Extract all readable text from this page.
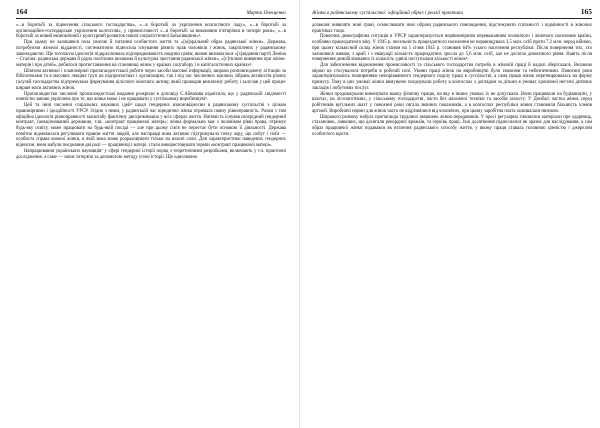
164	Марта Онещенко

«...в боротьбі за піднесення сільського господарства», «...в боротьбі за укріплення колгоспного ладу», «...в боротьбі за організаційно-господарське укріплення колгоспів», у промисловості «...в боротьбі за виконання п'ятирічки в чотири роки», «...в боротьбі за новий економічний і культурний розвиток нашої соціалістичної Батьківщини»².

При цьому не залишився поза увагою й питання особистого життя та «[м]оральний образ радянської жінки». Держава, потребуючи жіночої відданості, систематично підносила існування рівних прав чоловіків і жінок, закріплених у радянському законодавстві. Ще тогочасна ідеологія підкреслювала підпорядкованість людини цілям, якими визначалося «[з]авдання партії Леніна – Сталіна: радянська держава й рідна політична вихована й культурна зростання радянської жінки», «[с]тильне вивчення при жінок-матерів і про дітей», робилося протиставлення на становищі жінок у країнах соцтабору і в капіталістичних країнах⁴.

Шляхом активної і планомірної пропагандистської роботи через засоби масової інформації, широко розповсюджену агітацію за бібліотеками та в масових лекціях груп на підприємствах і організаціях, так і під час численних масових зібрань активістів різних галузей господарства підтримувала формування цілісного жіночого активу, який проводив величезну роботу і залучав у цей процес ширше маси активних жінок.

Пропагандистки численні пропагандистські видання розкрили в доповіді С.Айвазова відмітила, що у радянській свідомості повністю заново укріплена про те, що жінка може і не працювати у суспільному виробництві⁵.

Цей та інші численні соціальних наукових ідей⁶ щодо гендерних взаємовідносин в радянському суспільстві з цілком правомірними і ідеадійності УРСР. Згідно з ними, у радянській час юридично жінка отримала повну рівноправність. Разом з тим офіційна ідеологія рівноправності масштабу фактичну дискримінацію у всіх сферах життя. Натомість існував своєрідний гендерний контракт, санкціонований державою, т.зв. «контракт працюючої матері»: жінка формально має з чоловіком рівні права, отримує будь-яку освіту, може працювати на будь-якій посаді — але при цьому сім'я не перестає бути основою її діяльності. Держава помітно відмовилася регулювати правом життя людей, але насправді вона активно підтримувала точку зору, що побут і сім'я — особиста справа кожної жінки, в якій вона може розраховувати тільки на власні сили. Для характеристики наведених гендерних відносин, вони набули поєднання дві ролі — працівниці і матері, стали використовувати термін «контракт працюючої матері».

Напрацювання українських науковців⁷ у сфері гендерної історії поряд з теоретичними розробками, включають у т.ч. практичні дослідження, а саме — запис інтерв'ю за допомогою методу усної історії. Ще однозначно

Жінка в радянському суспільстві: офіційний образ і реалії практики	165

дозволяє виявляти нові грані, осмислювати нові образи радянського повсякдення, відстежувати спільності і відмінності в жіночих практиках тощо.

Повоєнна демографічна ситуація в УРСР характеризується нерівномірним переважанням чоловічого і жіночого населення країни, особливо працездатного віку. У 1945 р. чисельність працездатного населення не перевищувала 3,5 млн. осіб проти 7,2 млн. перед війною, при цьому кількісний склад жінок станом на 1 січня 1945 р. становив 64% усього населення республіки. Після повернення тих, хто залишився живим, з армії і з евакуації кількість працездатних зросла до 5,6 млн. осіб, але не досягла довоєнного рівня. Навіть після повернення демобілізованих їх кількість удвічі поступалася кількості жінок⁸.

Для забезпечення відновлення промисловості та сільського господарства потреба в жіночій праці й надалі зберігалася. Великою мірою це стосувалося потреби в робочій силі. Умови праці жінок на виробництві були тяжкими та небезпечними. Повоєнні роки характеризувались поширенням непорівнянного гендерного поділу праці в суспільстві, а сама праця жінок перетворювалась на форму примусу. Тому в цих умовах жінки вимушено поєднували роботу в колгоспах з доглядом за дітьми в умовах хронічної нестачі дитячих закладів і побутових послуг.

Жінки продовжували виконувати важку фізичну працю, на яку в інших умовах їх не допускали. Вони працювали на будівництві, у шахтах, на лісозаготівлях, у сільському господарстві, часто без належної техніки та засобів захисту. У Донбасі частка жінок серед робітників вугільних шахт у повоєнні роки сягала значних показників, а в колгоспах республіки жінки становили більшість членів артілей. Виробничі норми для жінок часто не відрізнялися від чоловічих, при цьому заробітна плата залишалася нижчою.

Широкого розмаху набула пропаганда трудових звершень жінок-передовиків. У пресі регулярно з'являлися матеріали про ударниць, стахановок, ланкових, що досягали рекордних врожаїв, та героїнь праці. Їхні досягнення підносилися як зразок для наслідування, а сам образ працюючої жінки подавався як втілення радянського способу життя, у якому праця ставала головною цінністю і джерелом особистого щастя.
